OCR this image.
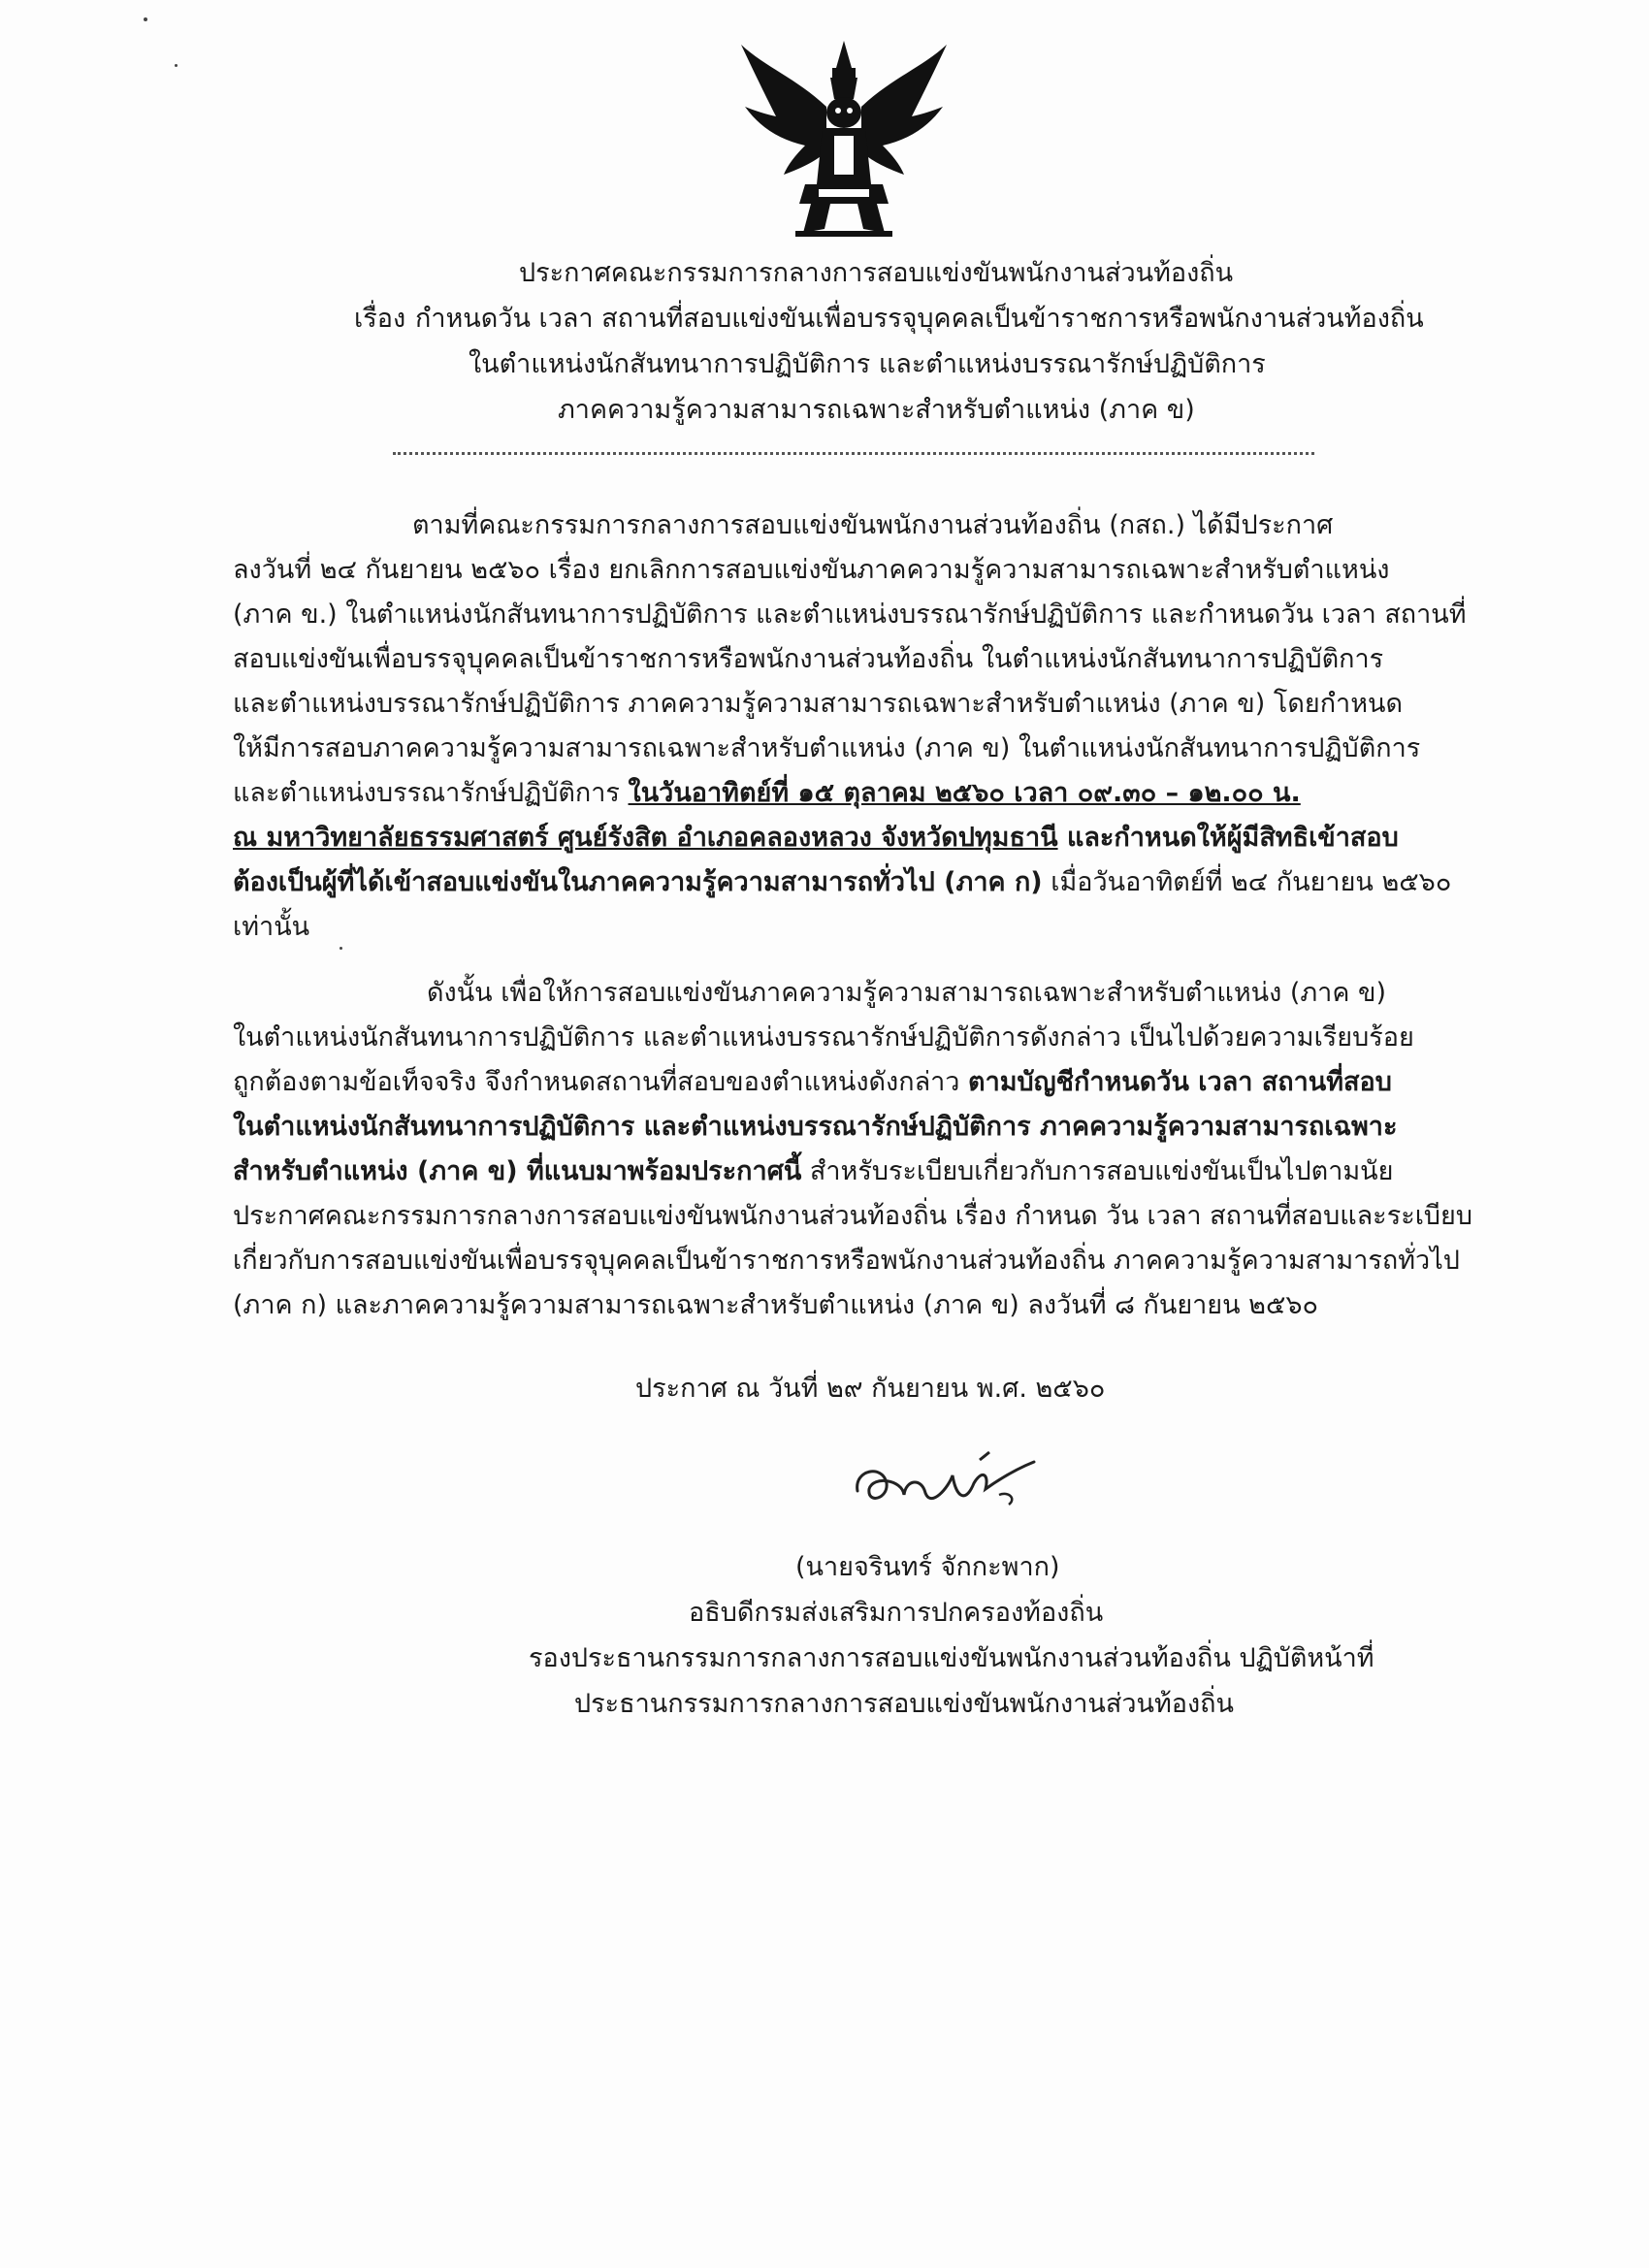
ประกาศคณะกรรมการกลางการสอบแข่งขันพนักงานส่วนท้องถิ่น
เรื่อง กำหนดวัน เวลา สถานที่สอบแข่งขันเพื่อบรรจุบุคคลเป็นข้าราชการหรือพนักงานส่วนท้องถิ่น
ในตำแหน่งนักสันทนาการปฏิบัติการ และตำแหน่งบรรณารักษ์ปฏิบัติการ
ภาคความรู้ความสามารถเฉพาะสำหรับตำแหน่ง (ภาค ข)
ตามที่คณะกรรมการกลางการสอบแข่งขันพนักงานส่วนท้องถิ่น (กสถ.) ได้มีประกาศ
ลงวันที่ ๒๔ กันยายน ๒๕๖๐ เรื่อง ยกเลิกการสอบแข่งขันภาคความรู้ความสามารถเฉพาะสำหรับตำแหน่ง
(ภาค ข.) ในตำแหน่งนักสันทนาการปฏิบัติการ และตำแหน่งบรรณารักษ์ปฏิบัติการ และกำหนดวัน เวลา สถานที่
สอบแข่งขันเพื่อบรรจุบุคคลเป็นข้าราชการหรือพนักงานส่วนท้องถิ่น ในตำแหน่งนักสันทนาการปฏิบัติการ
และตำแหน่งบรรณารักษ์ปฏิบัติการ ภาคความรู้ความสามารถเฉพาะสำหรับตำแหน่ง (ภาค ข) โดยกำหนด
ให้มีการสอบภาคความรู้ความสามารถเฉพาะสำหรับตำแหน่ง (ภาค ข) ในตำแหน่งนักสันทนาการปฏิบัติการ
และตำแหน่งบรรณารักษ์ปฏิบัติการ ในวันอาทิตย์ที่ ๑๕ ตุลาคม ๒๕๖๐ เวลา ๐๙.๓๐ – ๑๒.๐๐ น.
ณ มหาวิทยาลัยธรรมศาสตร์ ศูนย์รังสิต อำเภอคลองหลวง จังหวัดปทุมธานี และกำหนดให้ผู้มีสิทธิเข้าสอบ
ต้องเป็นผู้ที่ได้เข้าสอบแข่งขันในภาคความรู้ความสามารถทั่วไป (ภาค ก) เมื่อวันอาทิตย์ที่ ๒๔ กันยายน ๒๕๖๐
เท่านั้น
ดังนั้น เพื่อให้การสอบแข่งขันภาคความรู้ความสามารถเฉพาะสำหรับตำแหน่ง (ภาค ข)
ในตำแหน่งนักสันทนาการปฏิบัติการ และตำแหน่งบรรณารักษ์ปฏิบัติการดังกล่าว เป็นไปด้วยความเรียบร้อย
ถูกต้องตามข้อเท็จจริง จึงกำหนดสถานที่สอบของตำแหน่งดังกล่าว ตามบัญชีกำหนดวัน เวลา สถานที่สอบ
ในตำแหน่งนักสันทนาการปฏิบัติการ และตำแหน่งบรรณารักษ์ปฏิบัติการ ภาคความรู้ความสามารถเฉพาะ
สำหรับตำแหน่ง (ภาค ข) ที่แนบมาพร้อมประกาศนี้ สำหรับระเบียบเกี่ยวกับการสอบแข่งขันเป็นไปตามนัย
ประกาศคณะกรรมการกลางการสอบแข่งขันพนักงานส่วนท้องถิ่น เรื่อง กำหนด วัน เวลา สถานที่สอบและระเบียบ
เกี่ยวกับการสอบแข่งขันเพื่อบรรจุบุคคลเป็นข้าราชการหรือพนักงานส่วนท้องถิ่น ภาคความรู้ความสามารถทั่วไป
(ภาค ก) และภาคความรู้ความสามารถเฉพาะสำหรับตำแหน่ง (ภาค ข) ลงวันที่ ๘ กันยายน ๒๕๖๐
ประกาศ ณ วันที่ ๒๙ กันยายน พ.ศ. ๒๕๖๐
(นายจรินทร์ จักกะพาก)
อธิบดีกรมส่งเสริมการปกครองท้องถิ่น
รองประธานกรรมการกลางการสอบแข่งขันพนักงานส่วนท้องถิ่น ปฏิบัติหน้าที่
ประธานกรรมการกลางการสอบแข่งขันพนักงานส่วนท้องถิ่น
